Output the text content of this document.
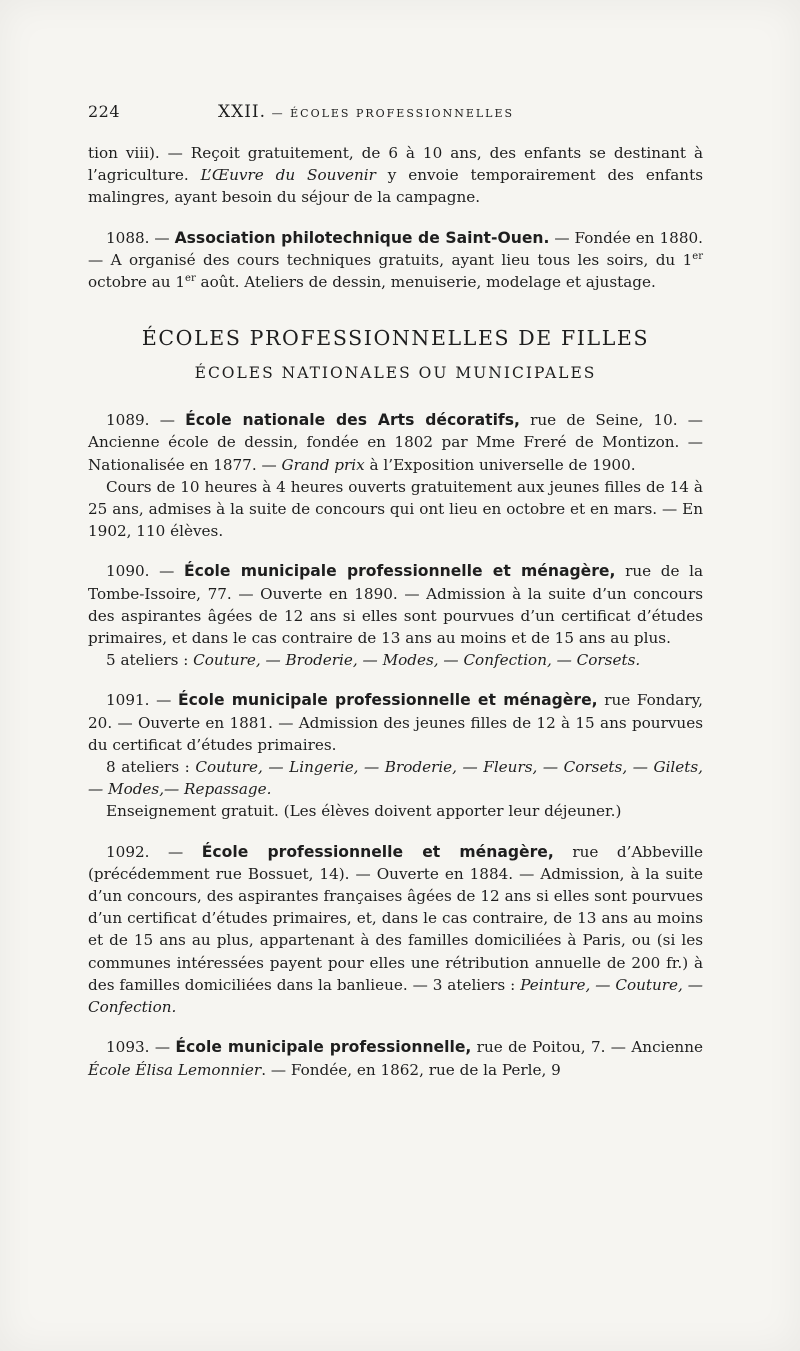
224	XXII. — ÉCOLES PROFESSIONNELLES

tion viii). — Reçoit gratuitement, de 6 à 10 ans, des enfants se destinant à l’agriculture. L’Œuvre du Souvenir y envoie temporairement des enfants malingres, ayant besoin du séjour de la campagne.

1088. — Association philotechnique de Saint-Ouen. — Fondée en 1880. — A organisé des cours techniques gratuits, ayant lieu tous les soirs, du 1er octobre au 1er août. Ateliers de dessin, menuiserie, modelage et ajustage.

ÉCOLES PROFESSIONNELLES DE FILLES
ÉCOLES NATIONALES OU MUNICIPALES

1089. — École nationale des Arts décoratifs, rue de Seine, 10. — Ancienne école de dessin, fondée en 1802 par Mme Freré de Montizon. — Nationalisée en 1877. — Grand prix à l’Exposition universelle de 1900.

Cours de 10 heures à 4 heures ouverts gratuitement aux jeunes filles de 14 à 25 ans, admises à la suite de concours qui ont lieu en octobre et en mars. — En 1902, 110 élèves.

1090. — École municipale professionnelle et ménagère, rue de la Tombe-Issoire, 77. — Ouverte en 1890. — Admission à la suite d’un concours des aspirantes âgées de 12 ans si elles sont pourvues d’un certificat d’études primaires, et dans le cas contraire de 13 ans au moins et de 15 ans au plus.

5 ateliers : Couture, — Broderie, — Modes, — Confection, — Corsets.

1091. — École municipale professionnelle et ménagère, rue Fondary, 20. — Ouverte en 1881. — Admission des jeunes filles de 12 à 15 ans pourvues du certificat d’études primaires.

8 ateliers : Couture, — Lingerie, — Broderie, — Fleurs, — Corsets, — Gilets, — Modes,— Repassage.

Enseignement gratuit. (Les élèves doivent apporter leur déjeuner.)

1092. — École professionnelle et ménagère, rue d’Abbeville (précédemment rue Bossuet, 14). — Ouverte en 1884. — Admission, à la suite d’un concours, des aspirantes françaises âgées de 12 ans si elles sont pourvues d’un certificat d’études primaires, et, dans le cas contraire, de 13 ans au moins et de 15 ans au plus, appartenant à des familles domiciliées à Paris, ou (si les communes intéressées payent pour elles une rétribution annuelle de 200 fr.) à des familles domiciliées dans la banlieue. — 3 ateliers : Peinture, — Couture, — Confection.

1093. — École municipale professionnelle, rue de Poitou, 7. — Ancienne École Élisa Lemonnier. — Fondée, en 1862, rue de la Perle, 9
